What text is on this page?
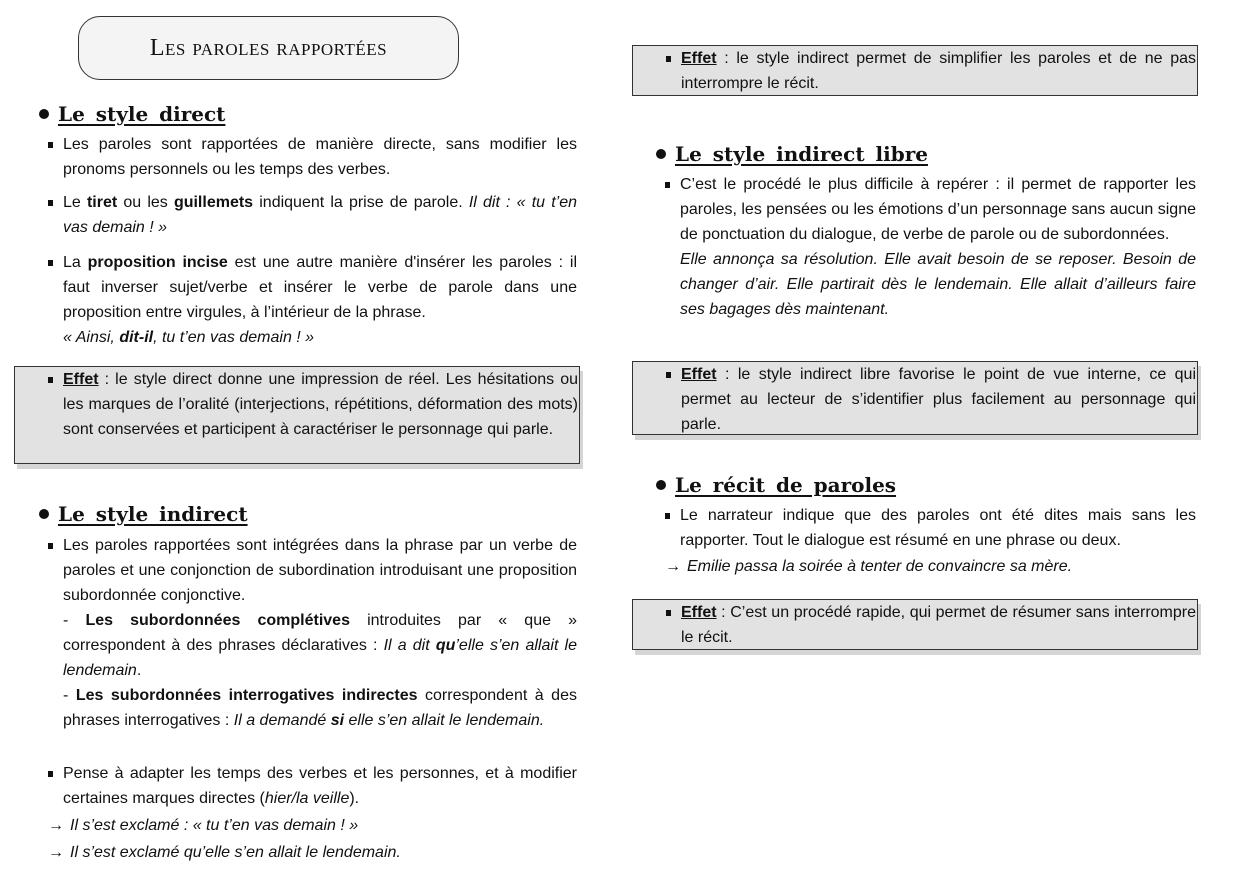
Les paroles rapportées
Le style direct
Les paroles sont rapportées de manière directe, sans modifier les pronoms personnels ou les temps des verbes.
Le tiret ou les guillemets indiquent la prise de parole. Il dit : « tu t’en vas demain ! »
La proposition incise est une autre manière d'insérer les paroles : il faut inverser sujet/verbe et insérer le verbe de parole dans une proposition entre virgules, à l’intérieur de la phrase.
« Ainsi, dit-il, tu t’en vas demain ! »
Effet : le style direct donne une impression de réel. Les hésitations ou les marques de l’oralité (interjections, répétitions, déformation des mots) sont conservées et participent à caractériser le personnage qui parle.
Le style indirect
Les paroles rapportées sont intégrées dans la phrase par un verbe de paroles et une conjonction de subordination introduisant une proposition subordonnée conjonctive.
- Les subordonnées complétives introduites par « que » correspondent à des phrases déclaratives : Il a dit qu’elle s’en allait le lendemain.
- Les subordonnées interrogatives indirectes correspondent à des phrases interrogatives : Il a demandé si elle s’en allait le lendemain.
Pense à adapter les temps des verbes et les personnes, et à modifier certaines marques directes (hier/la veille).
→ Il s’est exclamé : « tu t’en vas demain ! »
→ Il s’est exclamé qu’elle s’en allait le lendemain.
Effet : le style indirect permet de simplifier les paroles et de ne pas interrompre le récit.
Le style indirect libre
C’est le procédé le plus difficile à repérer : il permet de rapporter les paroles, les pensées ou les émotions d’un personnage sans aucun signe de ponctuation du dialogue, de verbe de parole ou de subordonnées.
Elle annonça sa résolution. Elle avait besoin de se reposer. Besoin de changer d’air. Elle partirait dès le lendemain. Elle allait d’ailleurs faire ses bagages dès maintenant.
Effet : le style indirect libre favorise le point de vue interne, ce qui permet au lecteur de s’identifier plus facilement au personnage qui parle.
Le récit de paroles
Le narrateur indique que des paroles ont été dites mais sans les rapporter. Tout le dialogue est résumé en une phrase ou deux.
→ Emilie passa la soirée à tenter de convaincre sa mère.
Effet : C’est un procédé rapide, qui permet de résumer sans interrompre le récit.
